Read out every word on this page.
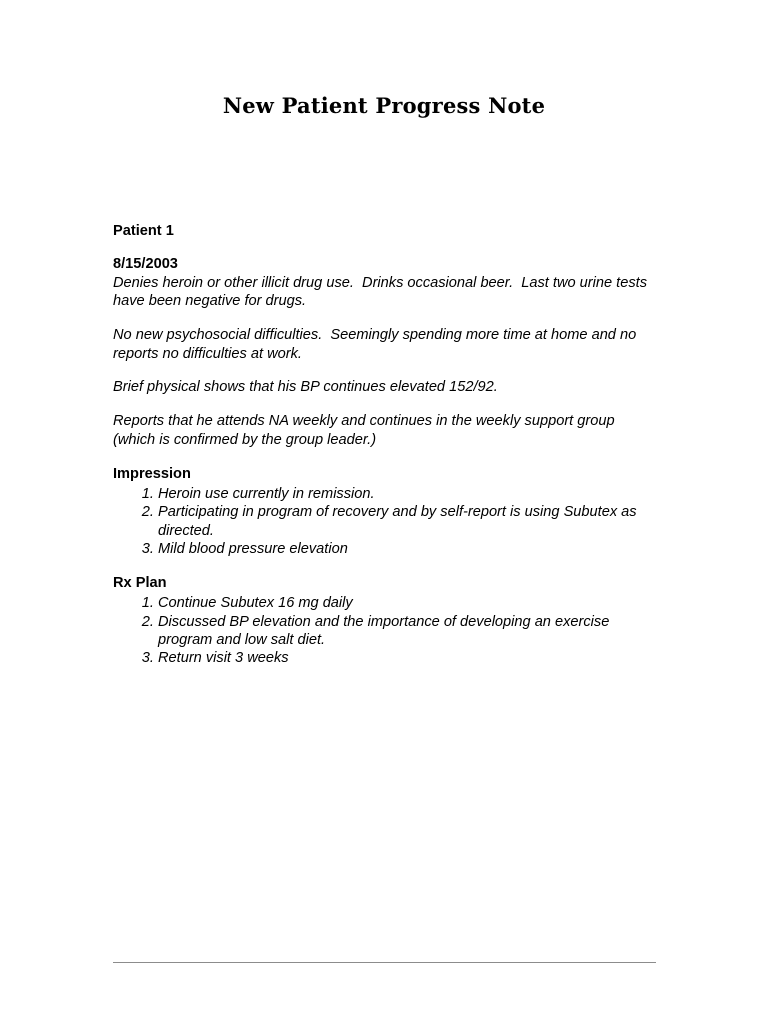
New Patient Progress Note

Patient 1

8/15/2003

Denies heroin or other illicit drug use.  Drinks occasional beer.  Last two urine tests have been negative for drugs.

No new psychosocial difficulties.  Seemingly spending more time at home and no reports no difficulties at work.

Brief physical shows that his BP continues elevated 152/92.

Reports that he attends NA weekly and continues in the weekly support group (which is confirmed by the group leader.)

Impression

1. Heroin use currently in remission.
2. Participating in program of recovery and by self-report is using Subutex as directed.
3. Mild blood pressure elevation

Rx Plan

1. Continue Subutex 16 mg daily
2. Discussed BP elevation and the importance of developing an exercise program and low salt diet.
3. Return visit 3 weeks
